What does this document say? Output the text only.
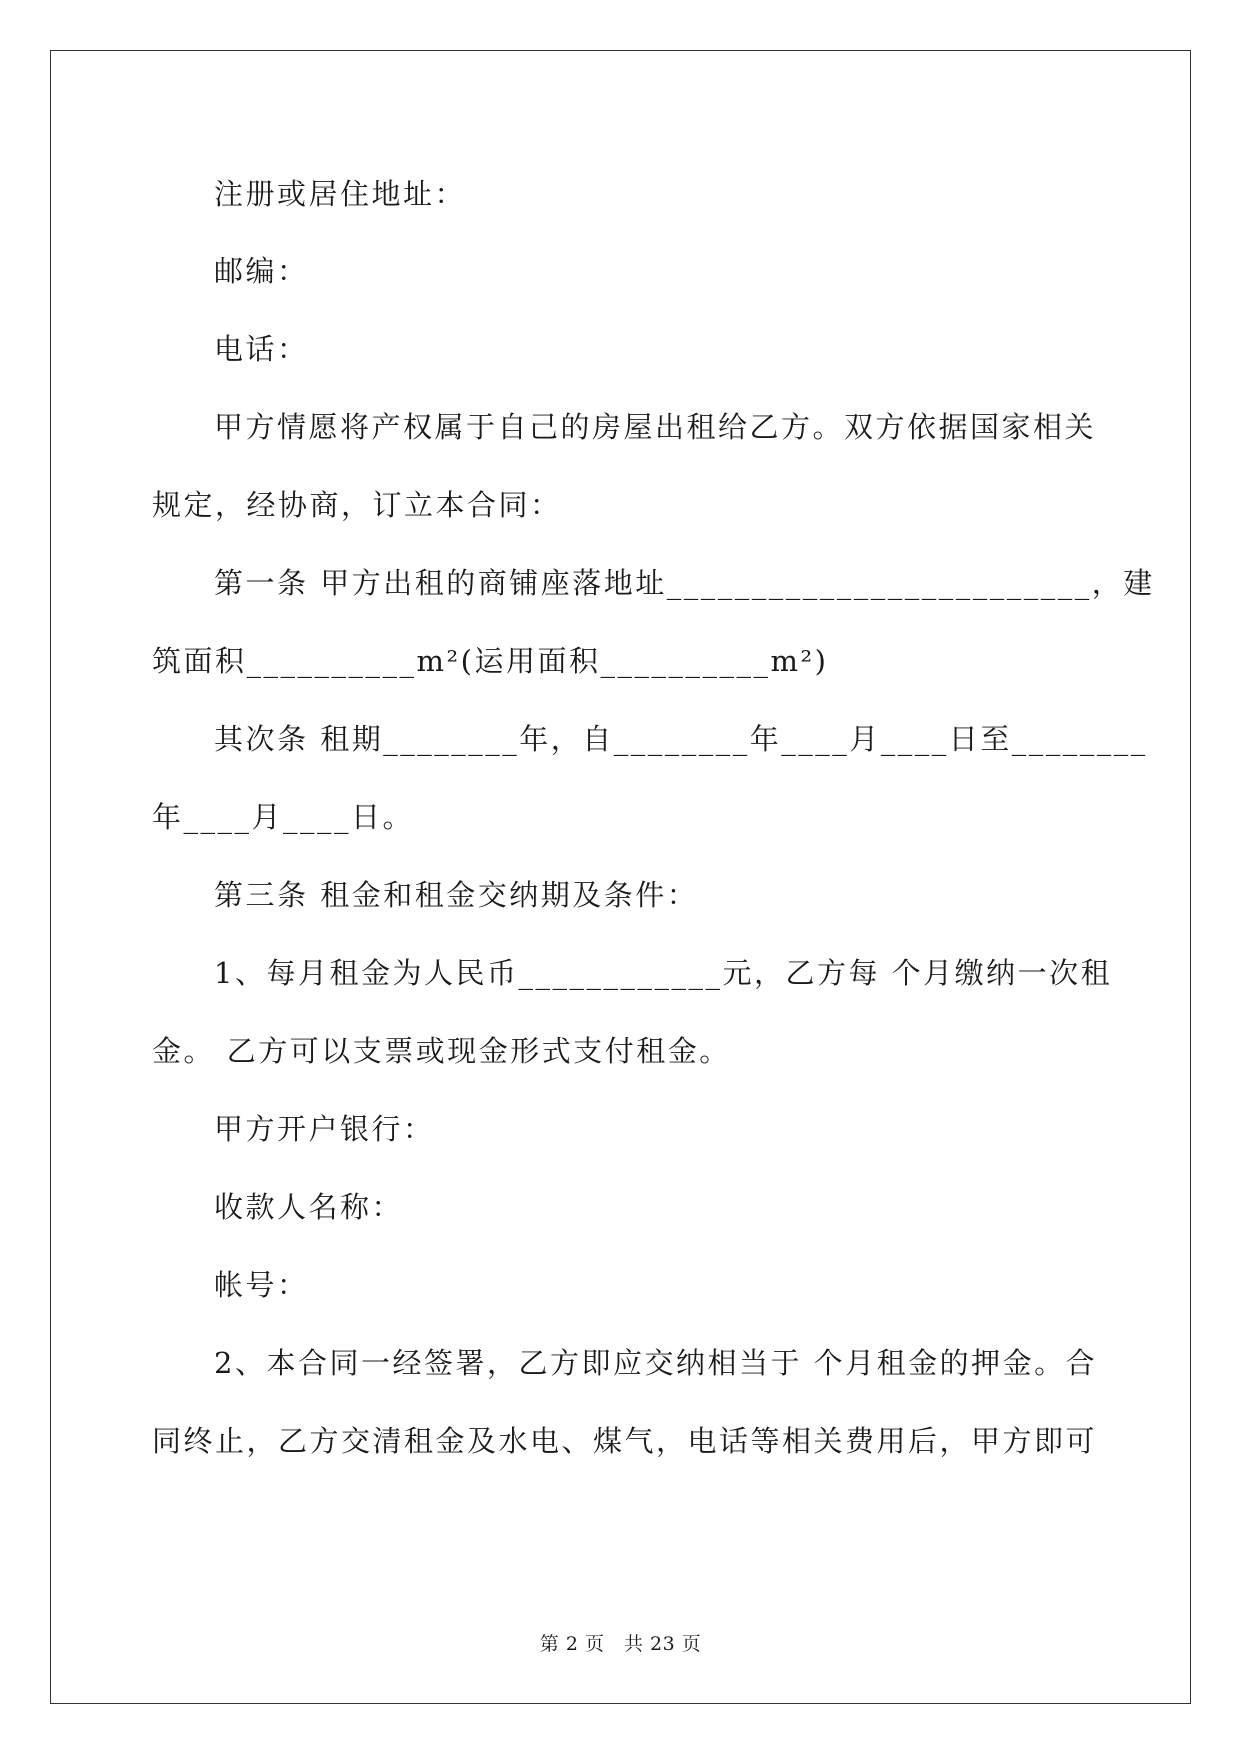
注册或居住地址：
邮编：
电话：
甲方情愿将产权属于自己的房屋出租给乙方。双方依据国家相关
规定，经协商，订立本合同：
第一条 甲方出租的商铺座落地址_________________________，建
筑面积__________m²(运用面积__________m²)
其次条 租期________年，自________年____月____日至________
年____月____日。
第三条 租金和租金交纳期及条件：
1、每月租金为人民币____________元，乙方每 个月缴纳一次租
金。 乙方可以支票或现金形式支付租金。
甲方开户银行：
收款人名称：
帐号：
2、本合同一经签署，乙方即应交纳相当于 个月租金的押金。合
同终止，乙方交清租金及水电、煤气，电话等相关费用后，甲方即可
第 2 页　共 23 页
